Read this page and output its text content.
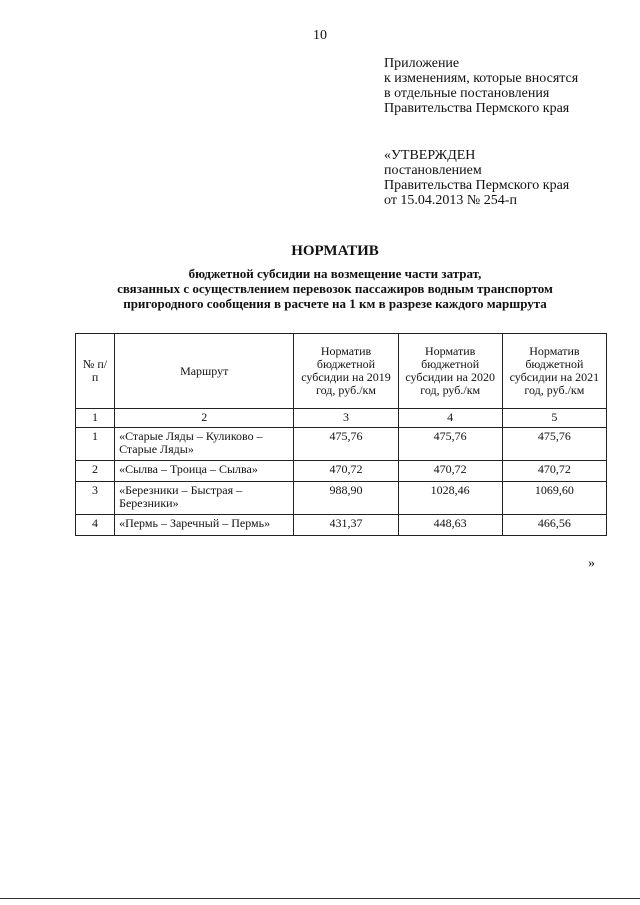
10
Приложение
к изменениям, которые вносятся
в отдельные постановления
Правительства Пермского края
«УТВЕРЖДЕН
постановлением
Правительства Пермского края
от 15.04.2013 № 254-п
НОРМАТИВ
бюджетной субсидии на возмещение части затрат,
связанных с осуществлением перевозок пассажиров водным транспортом
пригородного сообщения в расчете на 1 км в разрезе каждого маршрута
№ п/п	Маршрут	Норматив бюджетной субсидии на 2019 год, руб./км	Норматив бюджетной субсидии на 2020 год, руб./км	Норматив бюджетной субсидии на 2021 год, руб./км
1	2	3	4	5
1	«Старые Ляды – Куликово – Старые Ляды»	475,76	475,76	475,76
2	«Сылва – Троица – Сылва»	470,72	470,72	470,72
3	«Березники – Быстрая – Березники»	988,90	1028,46	1069,60
4	«Пермь – Заречный – Пермь»	431,37	448,63	466,56
»
